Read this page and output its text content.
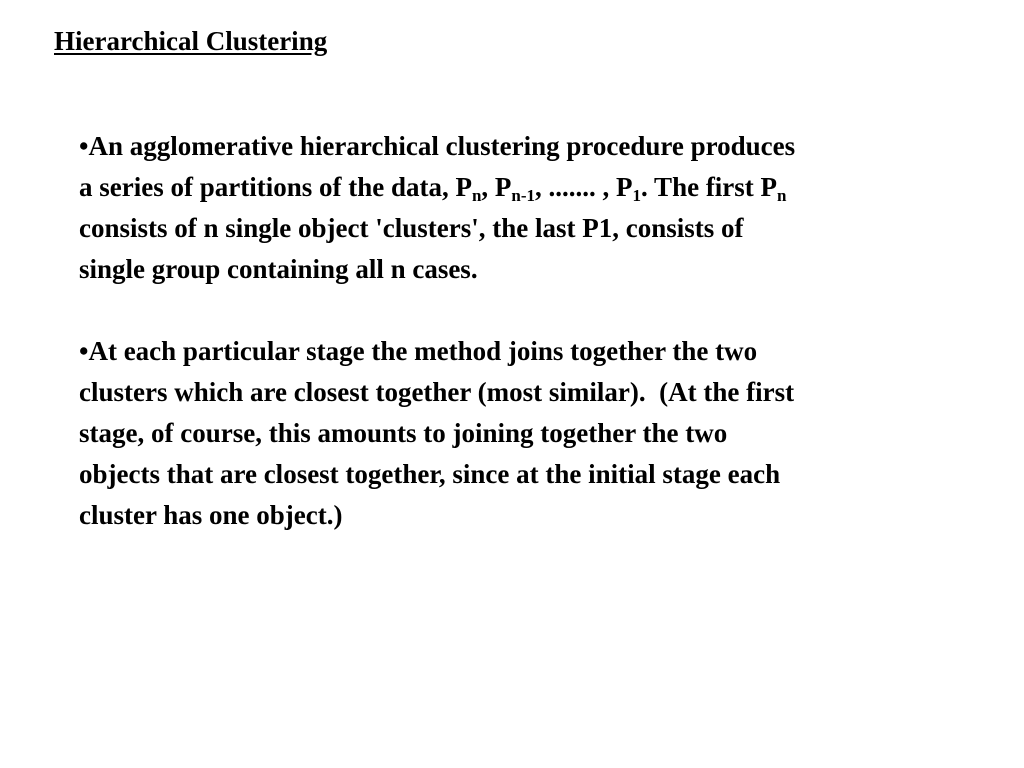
Hierarchical Clustering

•An agglomerative hierarchical clustering procedure produces
a series of partitions of the data, $P_n$, $P_{n-1}$, ....... , $P_1$. The first $P_n$
consists of n single object 'clusters', the last P1, consists of
single group containing all n cases.

•At each particular stage the method joins together the two
clusters which are closest together (most similar).  (At the first
stage, of course, this amounts to joining together the two
objects that are closest together, since at the initial stage each
cluster has one object.)
